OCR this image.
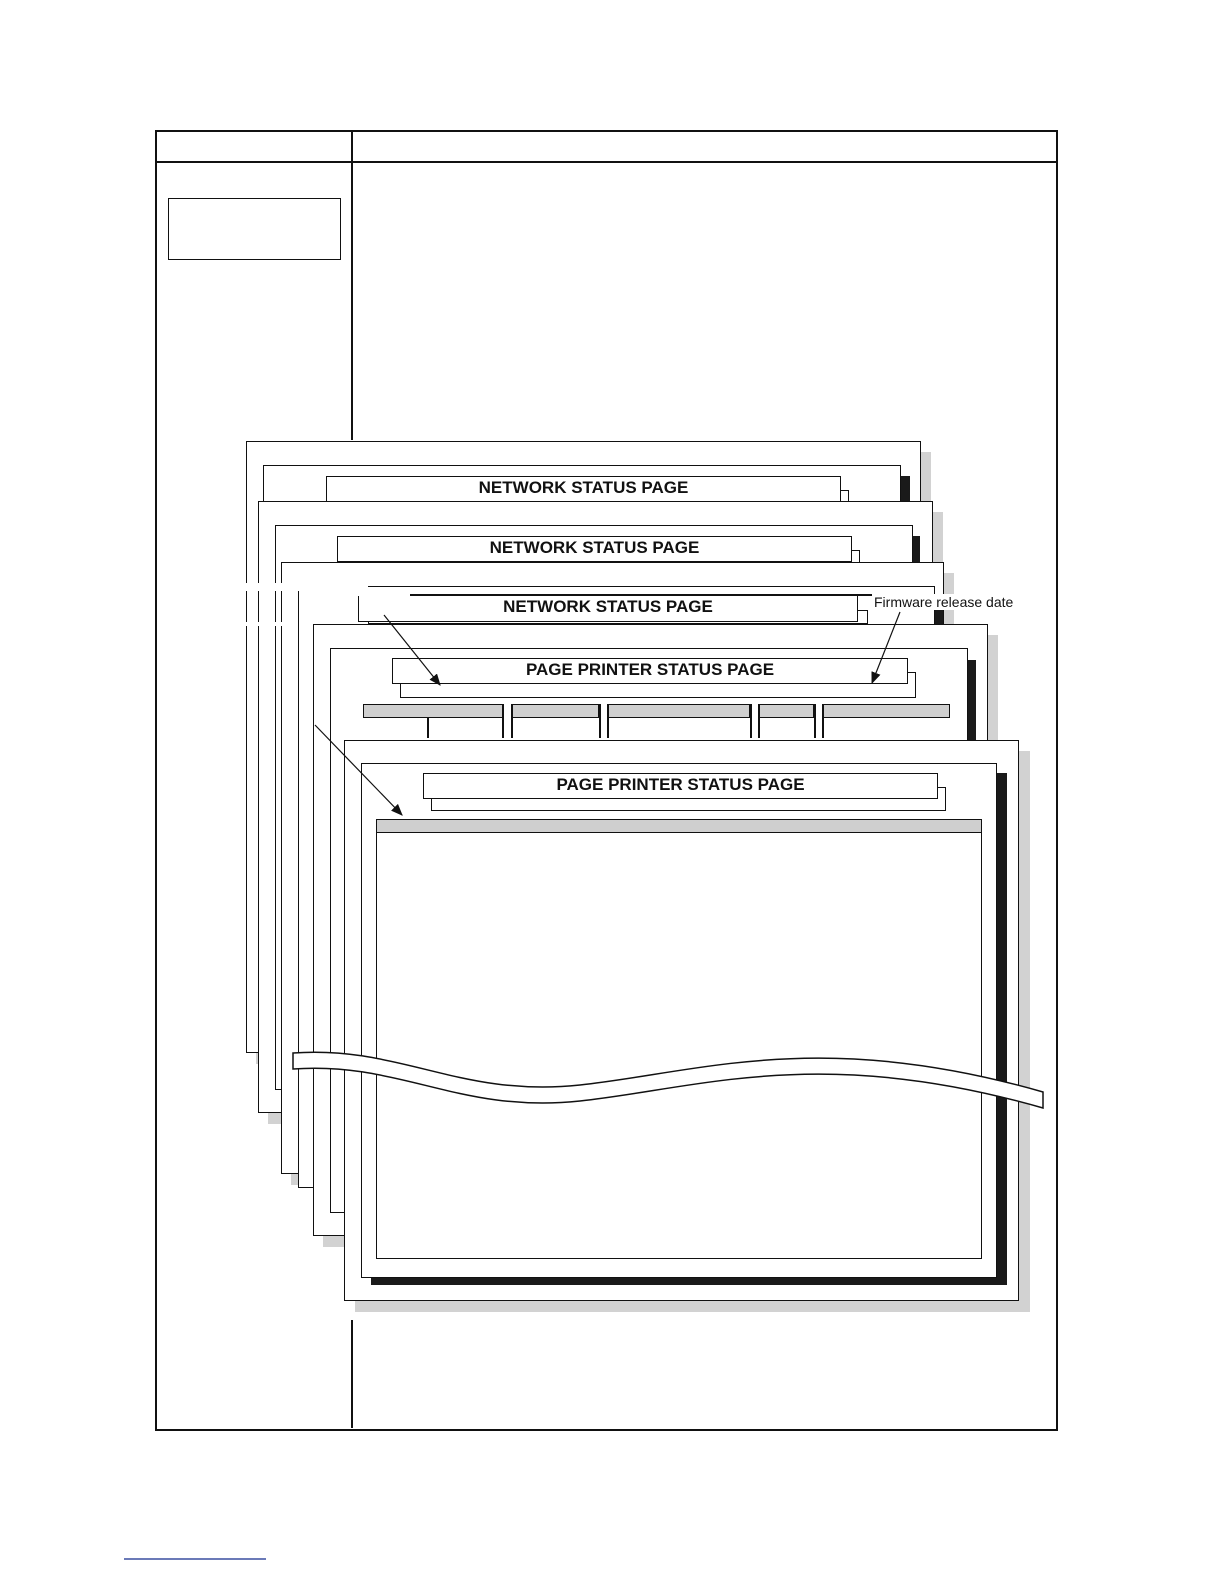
NETWORK STATUS PAGE
NETWORK STATUS PAGE
NETWORK STATUS PAGE
PAGE PRINTER STATUS PAGE
PAGE PRINTER STATUS PAGE
Firmware release date
